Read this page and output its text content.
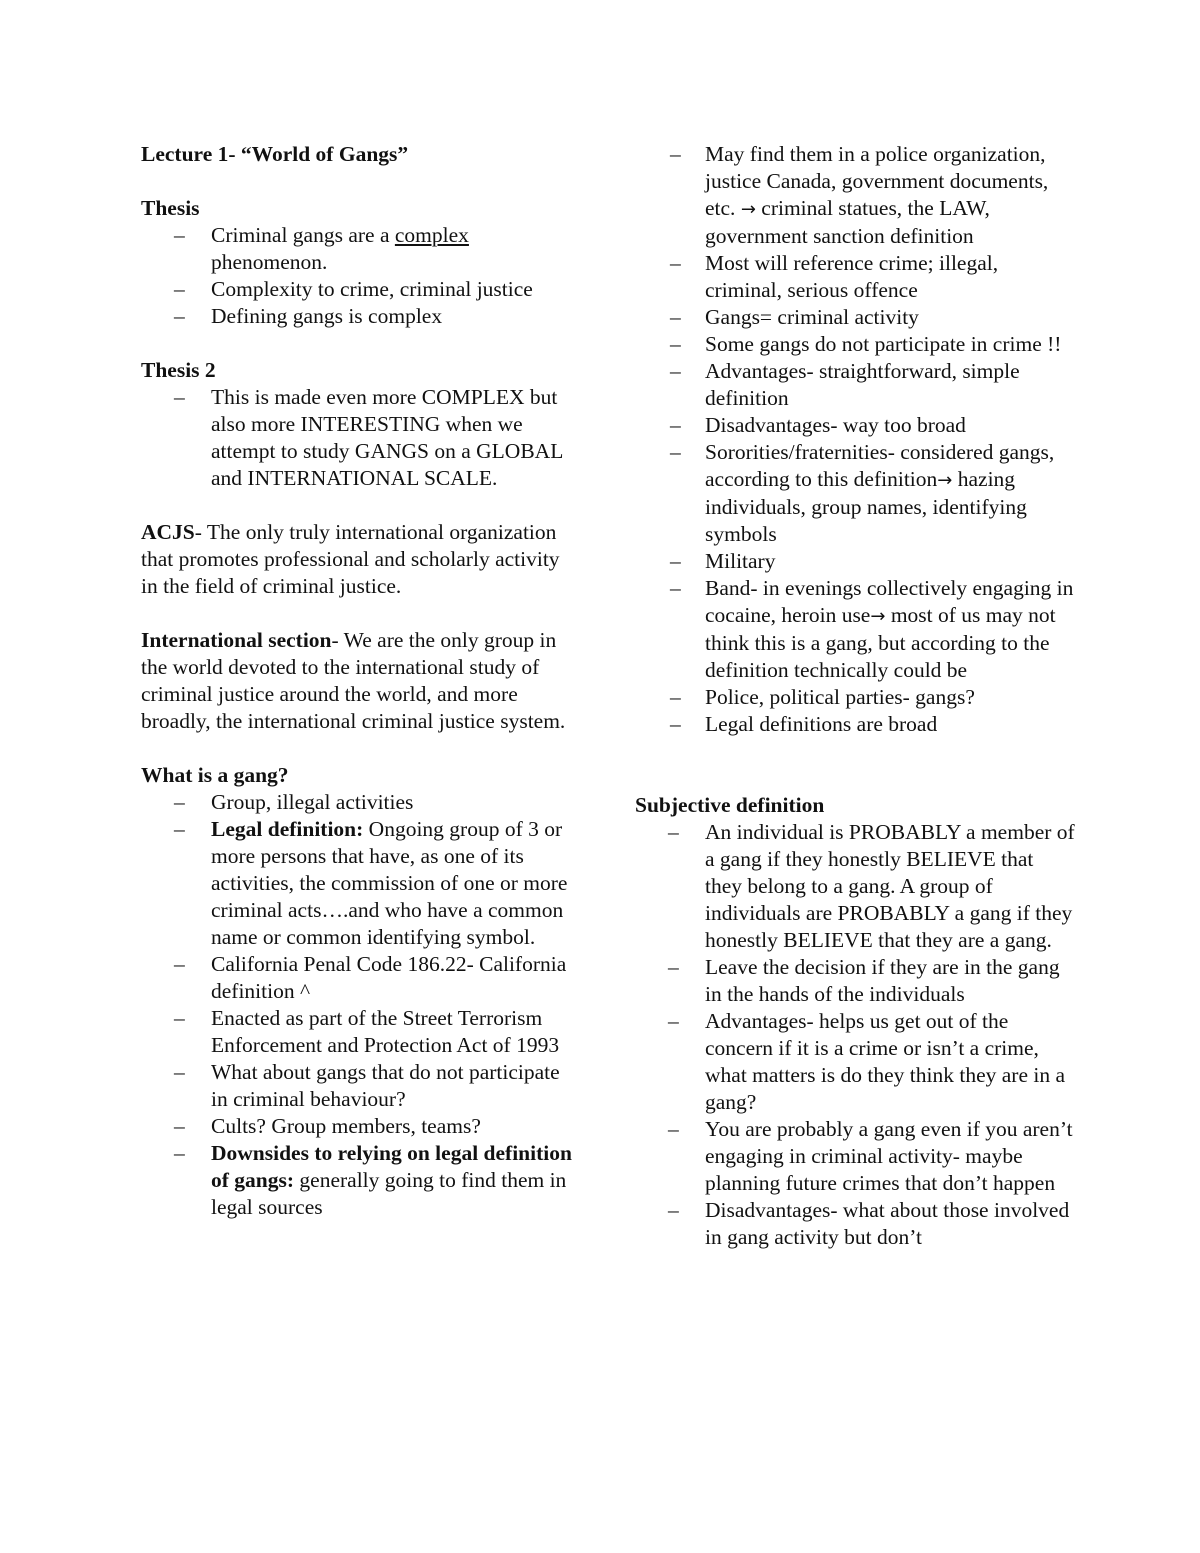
Lecture 1- “World of Gangs”

Thesis

– Criminal gangs are a complex phenomenon.
– Complexity to crime, criminal justice
– Defining gangs is complex

Thesis 2

– This is made even more COMPLEX but also more INTERESTING when we attempt to study GANGS on a GLOBAL and INTERNATIONAL SCALE.

ACJS- The only truly international organization that promotes professional and scholarly activity in the field of criminal justice.

International section- We are the only group in the world devoted to the international study of criminal justice around the world, and more broadly, the international criminal justice system.

What is a gang?

– Group, illegal activities
– Legal definition: Ongoing group of 3 or more persons that have, as one of its activities, the commission of one or more criminal acts….and who have a common name or common identifying symbol.
– California Penal Code 186.22- California definition ^
– Enacted as part of the Street Terrorism Enforcement and Protection Act of 1993
– What about gangs that do not participate in criminal behaviour?
– Cults? Group members, teams?
– Downsides to relying on legal definition of gangs: generally going to find them in legal sources
– May find them in a police organization, justice Canada, government documents, etc. → criminal statues, the LAW, government sanction definition
– Most will reference crime; illegal, criminal, serious offence
– Gangs= criminal activity
– Some gangs do not participate in crime !!
– Advantages- straightforward, simple definition
– Disadvantages- way too broad
– Sororities/fraternities- considered gangs, according to this definition→ hazing individuals, group names, identifying symbols
– Military
– Band- in evenings collectively engaging in cocaine, heroin use→ most of us may not think this is a gang, but according to the definition technically could be
– Police, political parties- gangs?
– Legal definitions are broad

Subjective definition

– An individual is PROBABLY a member of a gang if they honestly BELIEVE that they belong to a gang. A group of individuals are PROBABLY a gang if they honestly BELIEVE that they are a gang.
– Leave the decision if they are in the gang in the hands of the individuals
– Advantages- helps us get out of the concern if it is a crime or isn’t a crime, what matters is do they think they are in a gang?
– You are probably a gang even if you aren’t engaging in criminal activity- maybe planning future crimes that don’t happen
– Disadvantages- what about those involved in gang activity but don’t
